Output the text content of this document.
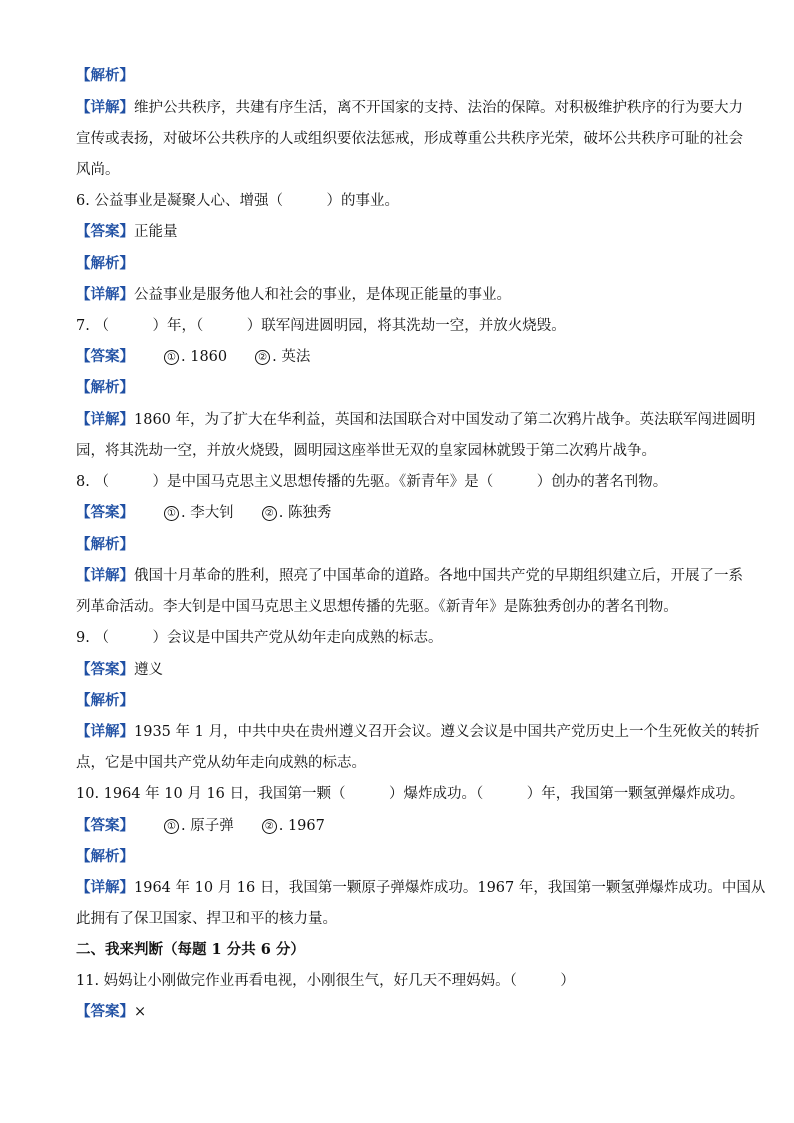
【解析】
【详解】维护公共秩序，共建有序生活，离不开国家的支持、法治的保障。对积极维护秩序的行为要大力
宣传或表扬，对破坏公共秩序的人或组织要依法惩戒，形成尊重公共秩序光荣，破坏公共秩序可耻的社会
风尚。
6. 公益事业是凝聚人心、增强（　　　）的事业。
【答案】正能量
【解析】
【详解】公益事业是服务他人和社会的事业，是体现正能量的事业。
7. （　　　）年，（　　　）联军闯进圆明园，将其洗劫一空，并放火烧毁。
【答案】	① . 1860	② . 英法
【解析】
【详解】1860 年，为了扩大在华利益，英国和法国联合对中国发动了第二次鸦片战争。英法联军闯进圆明
园，将其洗劫一空，并放火烧毁，圆明园这座举世无双的皇家园林就毁于第二次鸦片战争。
8. （　　　）是中国马克思主义思想传播的先驱。《新青年》是（　　　）创办的著名刊物。
【答案】	① . 李大钊	② . 陈独秀
【解析】
【详解】俄国十月革命的胜利，照亮了中国革命的道路。各地中国共产党的早期组织建立后，开展了一系
列革命活动。李大钊是中国马克思主义思想传播的先驱。《新青年》是陈独秀创办的著名刊物。
9. （　　　）会议是中国共产党从幼年走向成熟的标志。
【答案】遵义
【解析】
【详解】1935 年 1 月，中共中央在贵州遵义召开会议。遵义会议是中国共产党历史上一个生死攸关的转折
点，它是中国共产党从幼年走向成熟的标志。
10. 1964 年 10 月 16 日，我国第一颗（　　　）爆炸成功。（　　　）年，我国第一颗氢弹爆炸成功。
【答案】	① . 原子弹	② . 1967
【解析】
【详解】1964 年 10 月 16 日，我国第一颗原子弹爆炸成功。1967 年，我国第一颗氢弹爆炸成功。中国从
此拥有了保卫国家、捍卫和平的核力量。
二、我来判断（每题 1 分共 6 分）
11. 妈妈让小刚做完作业再看电视，小刚很生气，好几天不理妈妈。（　　　）
【答案】×
